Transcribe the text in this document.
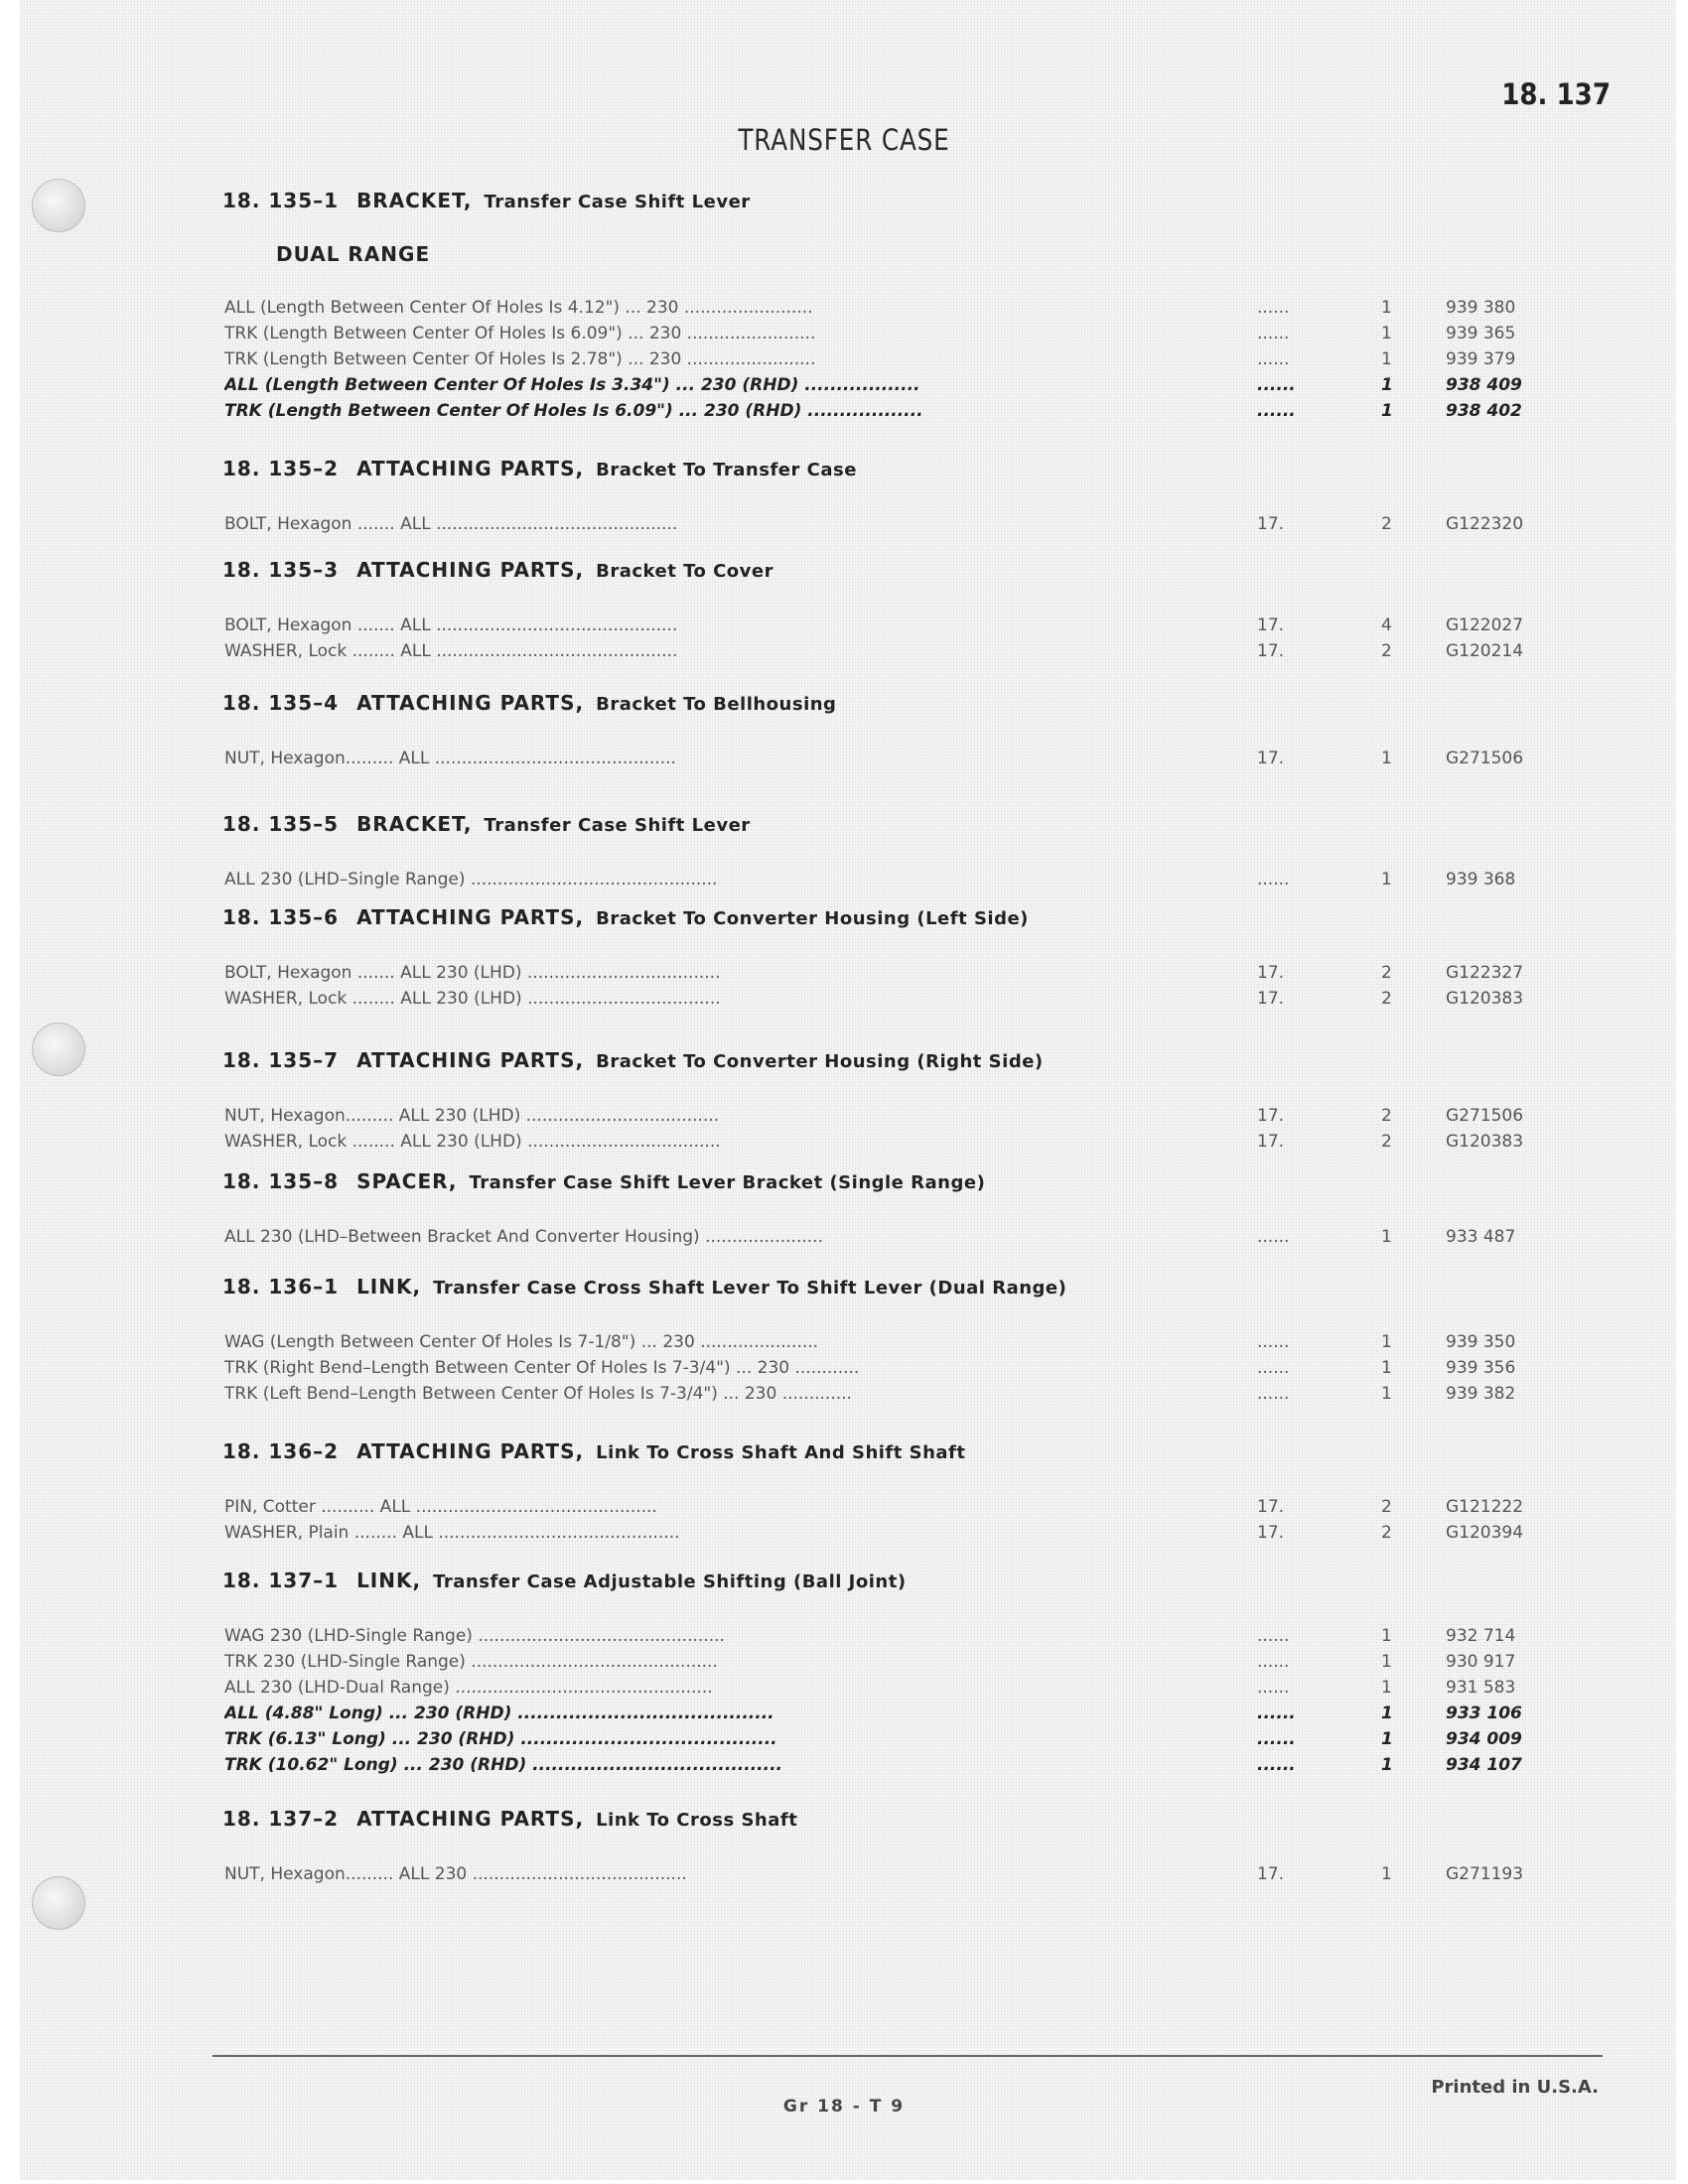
18. 137
TRANSFER CASE
18. 135–1 BRACKET, Transfer Case Shift Lever
DUAL RANGE
ALL (Length Between Center Of Holes Is 4.12") ... 230 ........................	......	1	939 380
TRK (Length Between Center Of Holes Is 6.09") ... 230 ........................	......	1	939 365
TRK (Length Between Center Of Holes Is 2.78") ... 230 ........................	......	1	939 379
ALL (Length Between Center Of Holes Is 3.34") ... 230 (RHD) ..................	......	1	938 409
TRK (Length Between Center Of Holes Is 6.09") ... 230 (RHD) ..................	......	1	938 402
18. 135–2 ATTACHING PARTS, Bracket To Transfer Case
BOLT, Hexagon ....... ALL .............................................	17.	2	G122320
18. 135–3 ATTACHING PARTS, Bracket To Cover
BOLT, Hexagon ....... ALL .............................................	17.	4	G122027
WASHER, Lock ........ ALL .............................................	17.	2	G120214
18. 135–4 ATTACHING PARTS, Bracket To Bellhousing
NUT, Hexagon......... ALL .............................................	17.	1	G271506
18. 135–5 BRACKET, Transfer Case Shift Lever
ALL 230 (LHD–Single Range) ..............................................	......	1	939 368
18. 135–6 ATTACHING PARTS, Bracket To Converter Housing (Left Side)
BOLT, Hexagon ....... ALL 230 (LHD) ....................................	17.	2	G122327
WASHER, Lock ........ ALL 230 (LHD) ....................................	17.	2	G120383
18. 135–7 ATTACHING PARTS, Bracket To Converter Housing (Right Side)
NUT, Hexagon......... ALL 230 (LHD) ....................................	17.	2	G271506
WASHER, Lock ........ ALL 230 (LHD) ....................................	17.	2	G120383
18. 135–8 SPACER, Transfer Case Shift Lever Bracket (Single Range)
ALL 230 (LHD–Between Bracket And Converter Housing) ......................	......	1	933 487
18. 136–1 LINK, Transfer Case Cross Shaft Lever To Shift Lever (Dual Range)
WAG (Length Between Center Of Holes Is 7-1/8") ... 230 ......................	......	1	939 350
TRK (Right Bend–Length Between Center Of Holes Is 7-3/4") ... 230 ............	......	1	939 356
TRK (Left Bend–Length Between Center Of Holes Is 7-3/4") ... 230 .............	......	1	939 382
18. 136–2 ATTACHING PARTS, Link To Cross Shaft And Shift Shaft
PIN, Cotter .......... ALL .............................................	17.	2	G121222
WASHER, Plain ........ ALL .............................................	17.	2	G120394
18. 137–1 LINK, Transfer Case Adjustable Shifting (Ball Joint)
WAG 230 (LHD-Single Range) ..............................................	......	1	932 714
TRK 230 (LHD-Single Range) ..............................................	......	1	930 917
ALL 230 (LHD-Dual Range) ................................................	......	1	931 583
ALL (4.88" Long) ... 230 (RHD) ........................................	......	1	933 106
TRK (6.13" Long) ... 230 (RHD) ........................................	......	1	934 009
TRK (10.62" Long) ... 230 (RHD) .......................................	......	1	934 107
18. 137–2 ATTACHING PARTS, Link To Cross Shaft
NUT, Hexagon......... ALL 230 ........................................	17.	1	G271193
Gr 18 - T 9
Printed in U.S.A.
